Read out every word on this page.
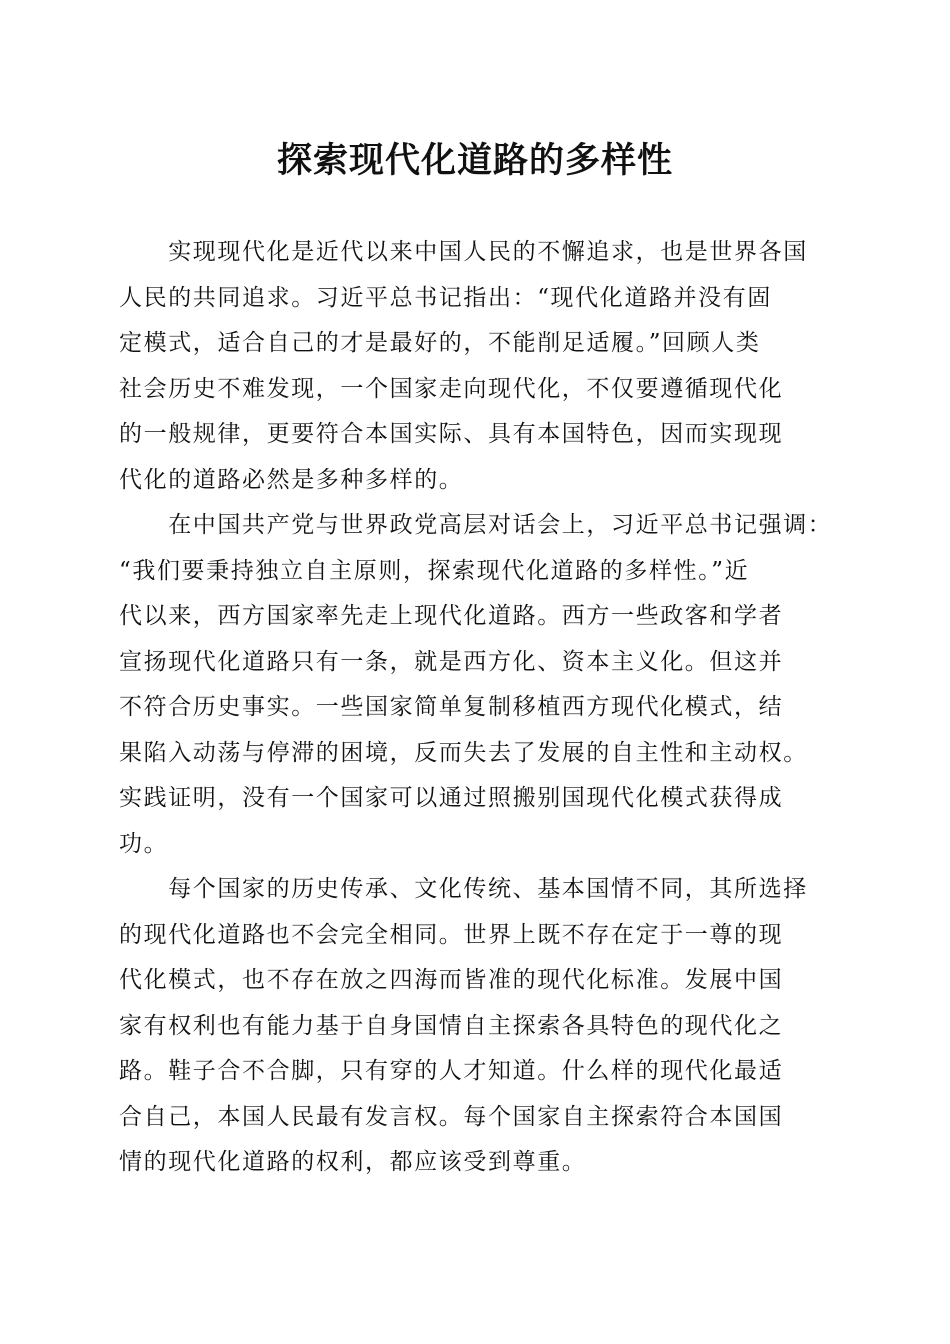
探索现代化道路的多样性
　　实现现代化是近代以来中国人民的不懈追求，也是世界各国
人民的共同追求。习近平总书记指出：“现代化道路并没有固
定模式，适合自己的才是最好的，不能削足适履。”回顾人类
社会历史不难发现，一个国家走向现代化，不仅要遵循现代化
的一般规律，更要符合本国实际、具有本国特色，因而实现现
代化的道路必然是多种多样的。
　　在中国共产党与世界政党高层对话会上，习近平总书记强调：
“我们要秉持独立自主原则，探索现代化道路的多样性。”近
代以来，西方国家率先走上现代化道路。西方一些政客和学者
宣扬现代化道路只有一条，就是西方化、资本主义化。但这并
不符合历史事实。一些国家简单复制移植西方现代化模式，结
果陷入动荡与停滞的困境，反而失去了发展的自主性和主动权。
实践证明，没有一个国家可以通过照搬别国现代化模式获得成
功。
　　每个国家的历史传承、文化传统、基本国情不同，其所选择
的现代化道路也不会完全相同。世界上既不存在定于一尊的现
代化模式，也不存在放之四海而皆准的现代化标准。发展中国
家有权利也有能力基于自身国情自主探索各具特色的现代化之
路。鞋子合不合脚，只有穿的人才知道。什么样的现代化最适
合自己，本国人民最有发言权。每个国家自主探索符合本国国
情的现代化道路的权利，都应该受到尊重。
